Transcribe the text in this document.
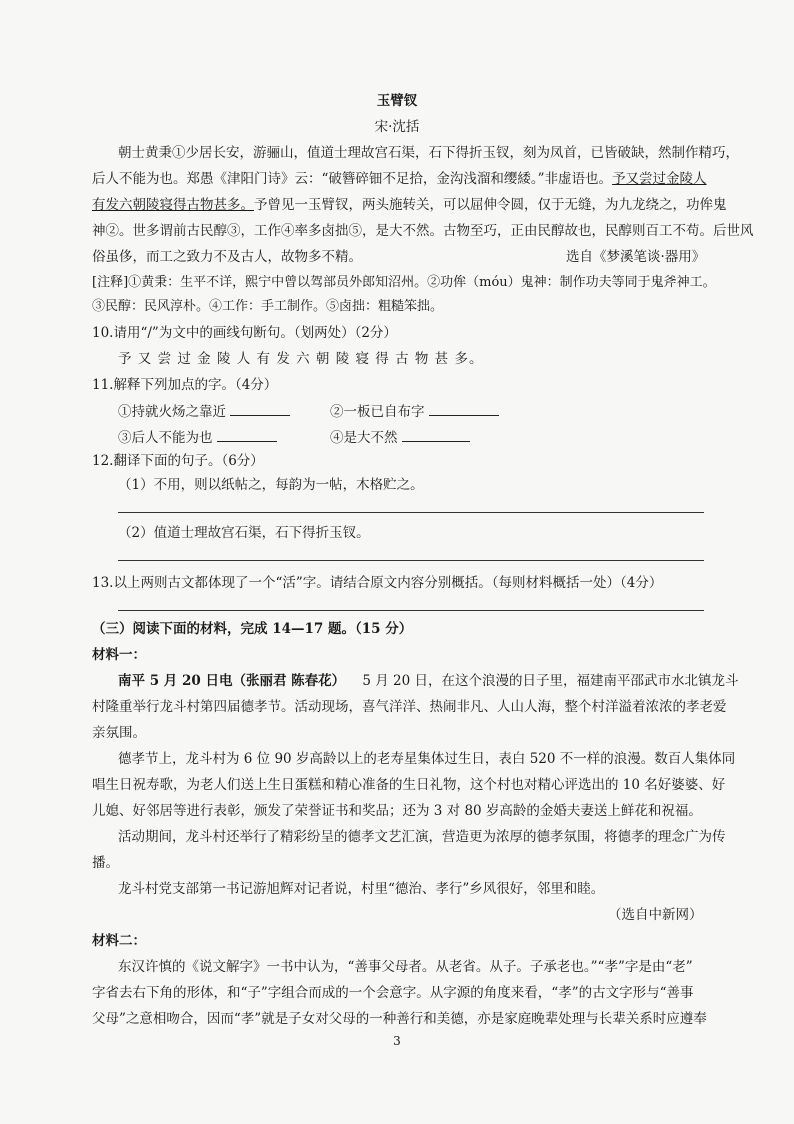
玉臂钗
宋·沈括
朝士黄秉①少居长安，游骊山，值道士理故宫石渠，石下得折玉钗，刻为凤首，已皆破缺，然制作精巧，
后人不能为也。郑愚《津阳门诗》云：“破簪碎钿不足拾，金沟浅溜和缨緌。”非虚语也。予又尝过金陵人
有发六朝陵寝得古物甚多。予曾见一玉臂钗，两头施转关，可以屈伸令圆，仅于无缝，为九龙绕之，功侔鬼
神②。世多谓前古民醇③，工作④率多卤拙⑤，是大不然。古物至巧，正由民醇故也，民醇则百工不苟。后世风
俗虽侈，而工之致力不及古人，故物多不精。	选自《梦溪笔谈·器用》
[注释]①黄秉：生平不详，熙宁中曾以驾部员外郎知沼州。②功侔（móu）鬼神：制作功夫等同于鬼斧神工。
③民醇：民风淳朴。④工作：手工制作。⑤卤拙：粗糙笨拙。
10.请用“/”为文中的画线句断句。（划两处）（2分）
予 又 尝 过 金 陵 人 有 发 六 朝 陵 寝 得 古 物 甚 多。
11.解释下列加点的字。（4分）
①持就火炀之靠近	②一板已自布字
③后人不能为也	④是大不然
12.翻译下面的句子。（6分）
（1）不用，则以纸帖之，每韵为一帖，木格贮之。
（2）值道士理故宫石渠，石下得折玉钗。
13.以上两则古文都体现了一个“活”字。请结合原文内容分别概括。（每则材料概括一处）（4分）
（三）阅读下面的材料，完成 14—17 题。（15 分）
材料一：
南平 5 月 20 日电（张丽君 陈春花） 5 月 20 日，在这个浪漫的日子里，福建南平邵武市水北镇龙斗
村隆重举行龙斗村第四届德孝节。活动现场，喜气洋洋、热闹非凡、人山人海，整个村洋溢着浓浓的孝老爱
亲氛围。
德孝节上，龙斗村为 6 位 90 岁高龄以上的老寿星集体过生日，表白 520 不一样的浪漫。数百人集体同
唱生日祝寿歌，为老人们送上生日蛋糕和精心准备的生日礼物，这个村也对精心评选出的 10 名好婆婆、好
儿媳、好邻居等进行表彰，颁发了荣誉证书和奖品；还为 3 对 80 岁高龄的金婚夫妻送上鲜花和祝福。
活动期间，龙斗村还举行了精彩纷呈的德孝文艺汇演，营造更为浓厚的德孝氛围，将德孝的理念广为传
播。
龙斗村党支部第一书记游旭辉对记者说，村里“德治、孝行”乡风很好，邻里和睦。
（选自中新网）
材料二：
东汉许慎的《说文解字》一书中认为，“善事父母者。从老省。从子。子承老也。”“孝”字是由“老”
字省去右下角的形体，和“子”字组合而成的一个会意字。从字源的角度来看，“孝”的古文字形与“善事
父母”之意相吻合，因而“孝”就是子女对父母的一种善行和美德，亦是家庭晚辈处理与长辈关系时应遵奉
3
